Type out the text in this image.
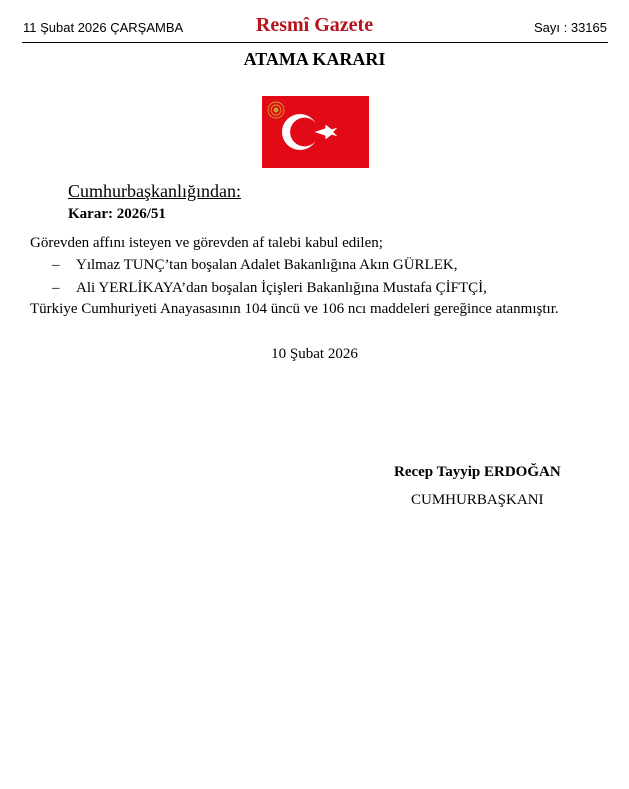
11 Şubat 2026 ÇARŞAMBA	Resmî Gazete	Sayı : 33165
ATAMA KARARI
Cumhurbaşkanlığından:
Karar: 2026/51
Görevden affını isteyen ve görevden af talebi kabul edilen;
– Yılmaz TUNÇ’tan boşalan Adalet Bakanlığına Akın GÜRLEK,
– Ali YERLİKAYA’dan boşalan İçişleri Bakanlığına Mustafa ÇİFTÇİ,
Türkiye Cumhuriyeti Anayasasının 104 üncü ve 106 ncı maddeleri gereğince atanmıştır.
10 Şubat 2026
Recep Tayyip ERDOĞAN
CUMHURBAŞKANI
